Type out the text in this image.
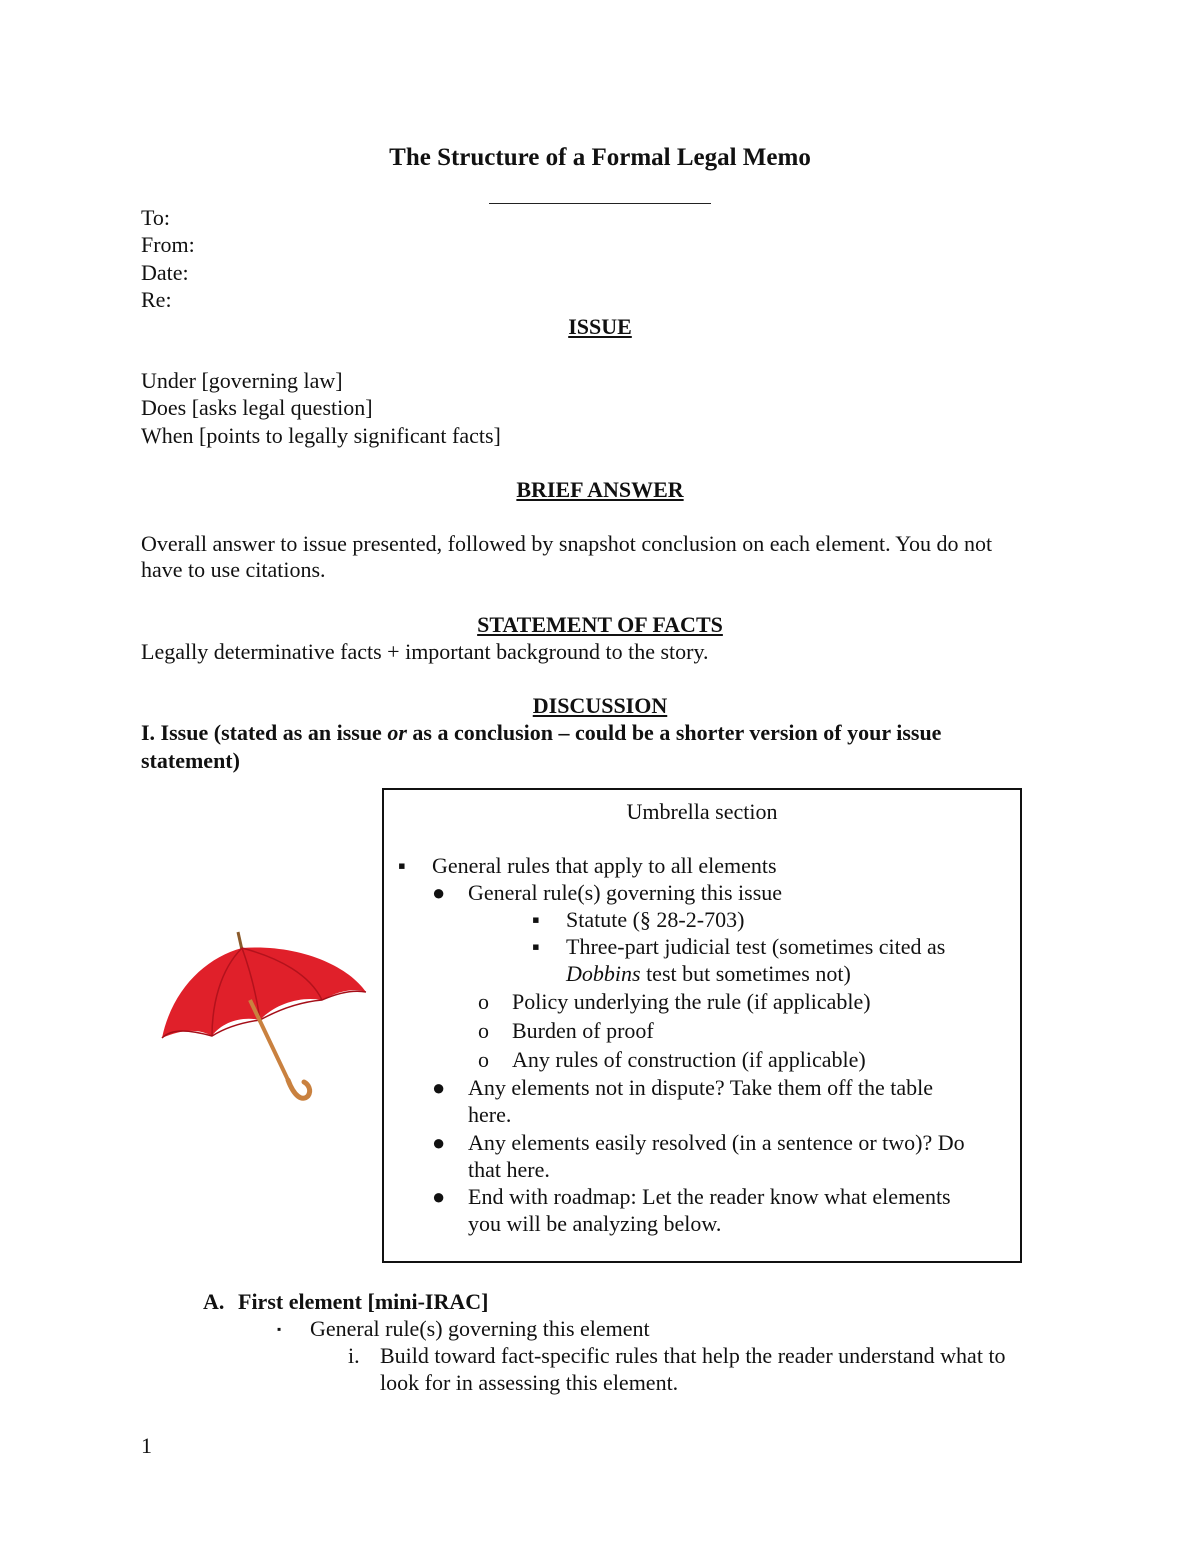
The Structure of a Formal Legal Memo
To:
From:
Date:
Re:
ISSUE
Under [governing law]
Does [asks legal question]
When [points to legally significant facts]
BRIEF ANSWER
Overall answer to issue presented, followed by snapshot conclusion on each element. You do not
have to use citations.
STATEMENT OF FACTS
Legally determinative facts + important background to the story.
DISCUSSION
I. Issue (stated as an issue or as a conclusion – could be a shorter version of your issue
statement)
Umbrella section
▪ General rules that apply to all elements
● General rule(s) governing this issue
▪ Statute (§ 28-2-703)
▪ Three-part judicial test (sometimes cited as
Dobbins test but sometimes not)
o Policy underlying the rule (if applicable)
o Burden of proof
o Any rules of construction (if applicable)
● Any elements not in dispute? Take them off the table
here.
● Any elements easily resolved (in a sentence or two)? Do
that here.
● End with roadmap: Let the reader know what elements
you will be analyzing below.
A. First element [mini-IRAC]
▪ General rule(s) governing this element
i. Build toward fact-specific rules that help the reader understand what to
look for in assessing this element.
1
